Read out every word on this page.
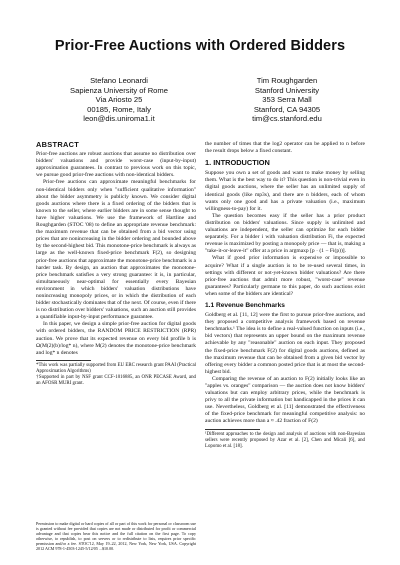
Prior-Free Auctions with Ordered Bidders
Stefano Leonardi
Sapienza University of Rome
Via Ariosto 25
00185, Rome, Italy
leon@dis.uniroma1.it
Tim Roughgarden
Stanford University
353 Serra Mall
Stanford, CA 94305
tim@cs.stanford.edu
ABSTRACT

Prior-free auctions are robust auctions that assume no distribution over bidders' valuations and provide worst-case (input-by-input) approximation guarantees. In contrast to previous work on this topic, we pursue good prior-free auctions with non-identical bidders.

Prior-free auctions can approximate meaningful benchmarks for non-identical bidders only when "sufficient qualitative information" about the bidder asymmetry is publicly known. We consider digital goods auctions where there is a fixed ordering of the bidders that is known to the seller, where earlier bidders are in some sense thought to have higher valuations. We use the framework of Hartline and Roughgarden (STOC '08) to define an appropriate revenue benchmark: the maximum revenue that can be obtained from a bid vector using prices that are nonincreasing in the bidder ordering and bounded above by the second-highest bid. This monotone-price benchmark is always as large as the well-known fixed-price benchmark F(2), so designing prior-free auctions that approximate the monotone-price benchmark is a harder task. By design, an auction that approximates the monotone-price benchmark satisfies a very strong guarantee: it is, in particular, simultaneously near-optimal for essentially every Bayesian environment in which bidders' valuation distributions have nonincreasing monopoly prices, or in which the distribution of each bidder stochastically dominates that of the next. Of course, even if there is no distribution over bidders' valuations, such an auction still provides a quantifiable input-by-input performance guarantee.

In this paper, we design a simple prior-free auction for digital goods with ordered bidders, the RANDOM PRICE RESTRICTION (RPR) auction. We prove that its expected revenue on every bid profile b is Ω(M(2)(b)/log* n), where M(2) denotes the monotone-price benchmark and log* n denotes

*This work was partially supported from EU ERC research grant PAAI (Practical Approximation Algorithms)

†Supported in part by NSF grant CCF-1016885, an ONR PECASE Award, and an AFOSR MURI grant.

Permission to make digital or hard copies of all or part of this work for personal or classroom use is granted without fee provided that copies are not made or distributed for profit or commercial advantage and that copies bear this notice and the full citation on the first page. To copy otherwise, to republish, to post on servers or to redistribute to lists, requires prior specific permission and/or a fee. STOC'12, May 19–22, 2012, New York, New York, USA. Copyright 2012 ACM 978-1-4503-1245-5/12/05 ...$10.00.

the number of times that the log2 operator can be applied to n before the result drops below a fixed constant.

1. INTRODUCTION

Suppose you own a set of goods and want to make money by selling them. What is the best way to do it? This question is non-trivial even in digital goods auctions, where the seller has an unlimited supply of identical goods (like mp3s), and there are n bidders, each of whom wants only one good and has a private valuation (i.e., maximum willingness-to-pay) for it.

The question becomes easy if the seller has a prior product distribution on bidders' valuations. Since supply is unlimited and valuations are independent, the seller can optimize for each bidder separately. For a bidder i with valuation distribution Fi, the expected revenue is maximized by posting a monopoly price — that is, making a "take-it-or-leave-it" offer at a price in argmaxp [p · (1 − Fi(p))].

What if good prior information is expensive or impossible to acquire? What if a single auction is to be re-used several times, in settings with different or not-yet-known bidder valuations? Are there prior-free auctions that admit more robust, "worst-case" revenue guarantees? Particularly germane to this paper, do such auctions exist when some of the bidders are identical?

1.1 Revenue Benchmarks

Goldberg et al. [11, 12] were the first to pursue prior-free auctions, and they proposed a competitive analysis framework based on revenue benchmarks.¹ The idea is to define a real-valued function on inputs (i.e., bid vectors) that represents an upper bound on the maximum revenue achievable by any "reasonable" auction on each input. They proposed the fixed-price benchmark F(2) for digital goods auctions, defined as the maximum revenue that can be obtained from a given bid vector by offering every bidder a common posted price that is at most the second-highest bid.

Comparing the revenue of an auction to F(2) initially looks like an "apples vs. oranges" comparison — the auction does not know bidders' valuations but can employ arbitrary prices, while the benchmark is privy to all the private information but handicapped in the prices it can use. Nevertheless, Goldberg et al. [11] demonstrated the effectiveness of the fixed-price benchmark for meaningful competitive analysis: no auction achieves more than a ≈ .42 fraction of F(2)

¹Different approaches to the design and analysis of auctions with non-Bayesian sellers were recently proposed by Azar et al. [2], Chen and Micali [6], and Lopomo et al. [18].
